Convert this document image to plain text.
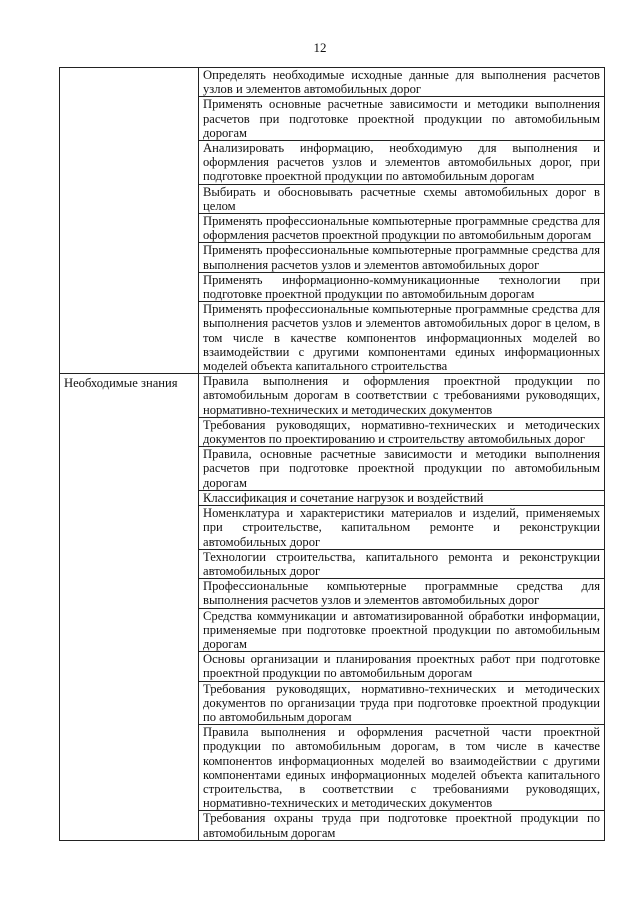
12
	Определять необходимые исходные данные для выполнения расчетов узлов и элементов автомобильных дорог
	Применять основные расчетные зависимости и методики выполнения расчетов при подготовке проектной продукции по автомобильным дорогам
	Анализировать информацию, необходимую для выполнения и оформления расчетов узлов и элементов автомобильных дорог, при подготовке проектной продукции по автомобильным дорогам
	Выбирать и обосновывать расчетные схемы автомобильных дорог в целом
	Применять профессиональные компьютерные программные средства для оформления расчетов проектной продукции по автомобильным дорогам
	Применять профессиональные компьютерные программные средства для выполнения расчетов узлов и элементов автомобильных дорог
	Применять информационно-коммуникационные технологии при подготовке проектной продукции по автомобильным дорогам
	Применять профессиональные компьютерные программные средства для выполнения расчетов узлов и элементов автомобильных дорог в целом, в том числе в качестве компонентов информационных моделей во взаимодействии с другими компонентами единых информационных моделей объекта капитального строительства
Необходимые знания	Правила выполнения и оформления проектной продукции по автомобильным дорогам в соответствии с требованиями руководящих, нормативно-технических и методических документов
	Требования руководящих, нормативно-технических и методических документов по проектированию и строительству автомобильных дорог
	Правила, основные расчетные зависимости и методики выполнения расчетов при подготовке проектной продукции по автомобильным дорогам
	Классификация и сочетание нагрузок и воздействий
	Номенклатура и характеристики материалов и изделий, применяемых при строительстве, капитальном ремонте и реконструкции автомобильных дорог
	Технологии строительства, капитального ремонта и реконструкции автомобильных дорог
	Профессиональные компьютерные программные средства для выполнения расчетов узлов и элементов автомобильных дорог
	Средства коммуникации и автоматизированной обработки информации, применяемые при подготовке проектной продукции по автомобильным дорогам
	Основы организации и планирования проектных работ при подготовке проектной продукции по автомобильным дорогам
	Требования руководящих, нормативно-технических и методических документов по организации труда при подготовке проектной продукции по автомобильным дорогам
	Правила выполнения и оформления расчетной части проектной продукции по автомобильным дорогам, в том числе в качестве компонентов информационных моделей во взаимодействии с другими компонентами единых информационных моделей объекта капитального строительства, в соответствии с требованиями руководящих, нормативно-технических и методических документов
	Требования охраны труда при подготовке проектной продукции по автомобильным дорогам
